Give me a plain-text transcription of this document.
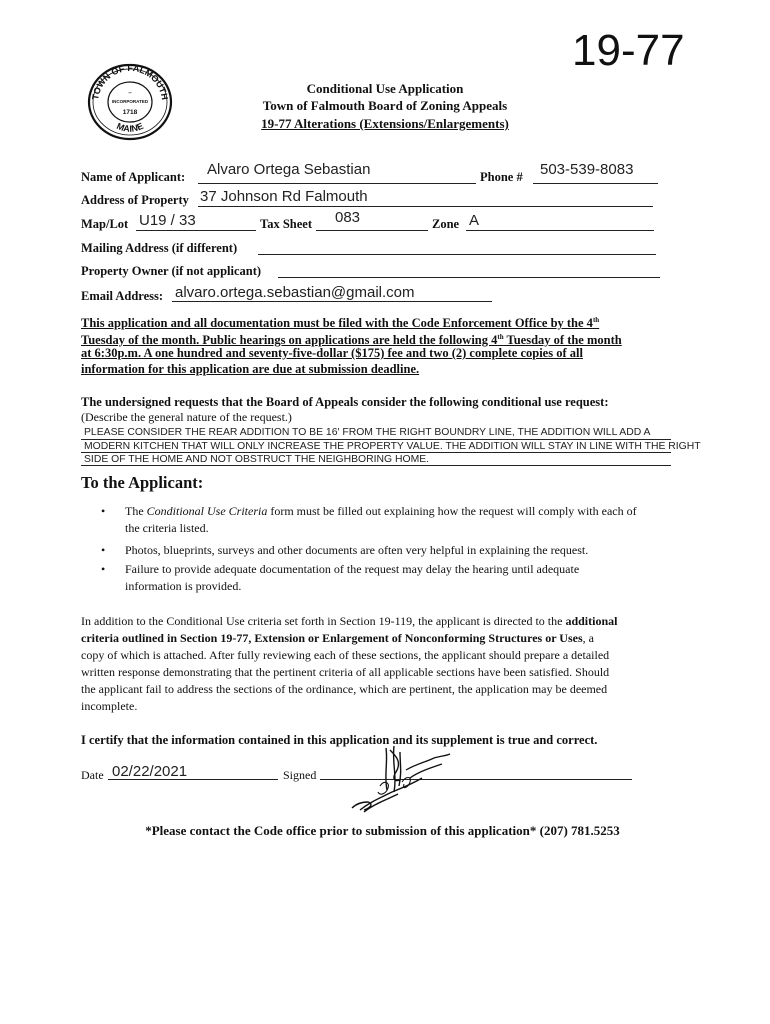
19-77
TOWN OF FALMOUTH
MAINE
--
INCORPORATED
1718
Conditional Use Application
Town of Falmouth Board of Zoning Appeals
19-77 Alterations (Extensions/Enlargements)
Name of Applicant: Alvaro Ortega Sebastian	Phone # 503-539-8083
Address of Property 37 Johnson Rd Falmouth
Map/Lot U19 / 33	Tax Sheet 083	Zone A
Mailing Address (if different)
Property Owner (if not applicant)
Email Address: alvaro.ortega.sebastian@gmail.com
This application and all documentation must be filed with the Code Enforcement Office by the 4th
Tuesday of the month. Public hearings on applications are held the following 4th Tuesday of the month
at 6:30p.m. A one hundred and seventy-five-dollar ($175) fee and two (2) complete copies of all
information for this application are due at submission deadline.
The undersigned requests that the Board of Appeals consider the following conditional use request:
(Describe the general nature of the request.)
PLEASE CONSIDER THE REAR ADDITION TO BE 16' FROM THE RIGHT BOUNDRY LINE, THE ADDITION WILL ADD A
MODERN KITCHEN THAT WILL ONLY INCREASE THE PROPERTY VALUE. THE ADDITION WILL STAY IN LINE WITH THE RIGHT
SIDE OF THE HOME AND NOT OBSTRUCT THE NEIGHBORING HOME.
To the Applicant:
• The Conditional Use Criteria form must be filled out explaining how the request will comply with each of
the criteria listed.
• Photos, blueprints, surveys and other documents are often very helpful in explaining the request.
• Failure to provide adequate documentation of the request may delay the hearing until adequate
information is provided.
In addition to the Conditional Use criteria set forth in Section 19-119, the applicant is directed to the additional
criteria outlined in Section 19-77, Extension or Enlargement of Nonconforming Structures or Uses, a
copy of which is attached. After fully reviewing each of these sections, the applicant should prepare a detailed
written response demonstrating that the pertinent criteria of all applicable sections have been satisfied. Should
the applicant fail to address the sections of the ordinance, which are pertinent, the application may be deemed
incomplete.
I certify that the information contained in this application and its supplement is true and correct.
Date 02/22/2021	Signed
*Please contact the Code office prior to submission of this application* (207) 781.5253
